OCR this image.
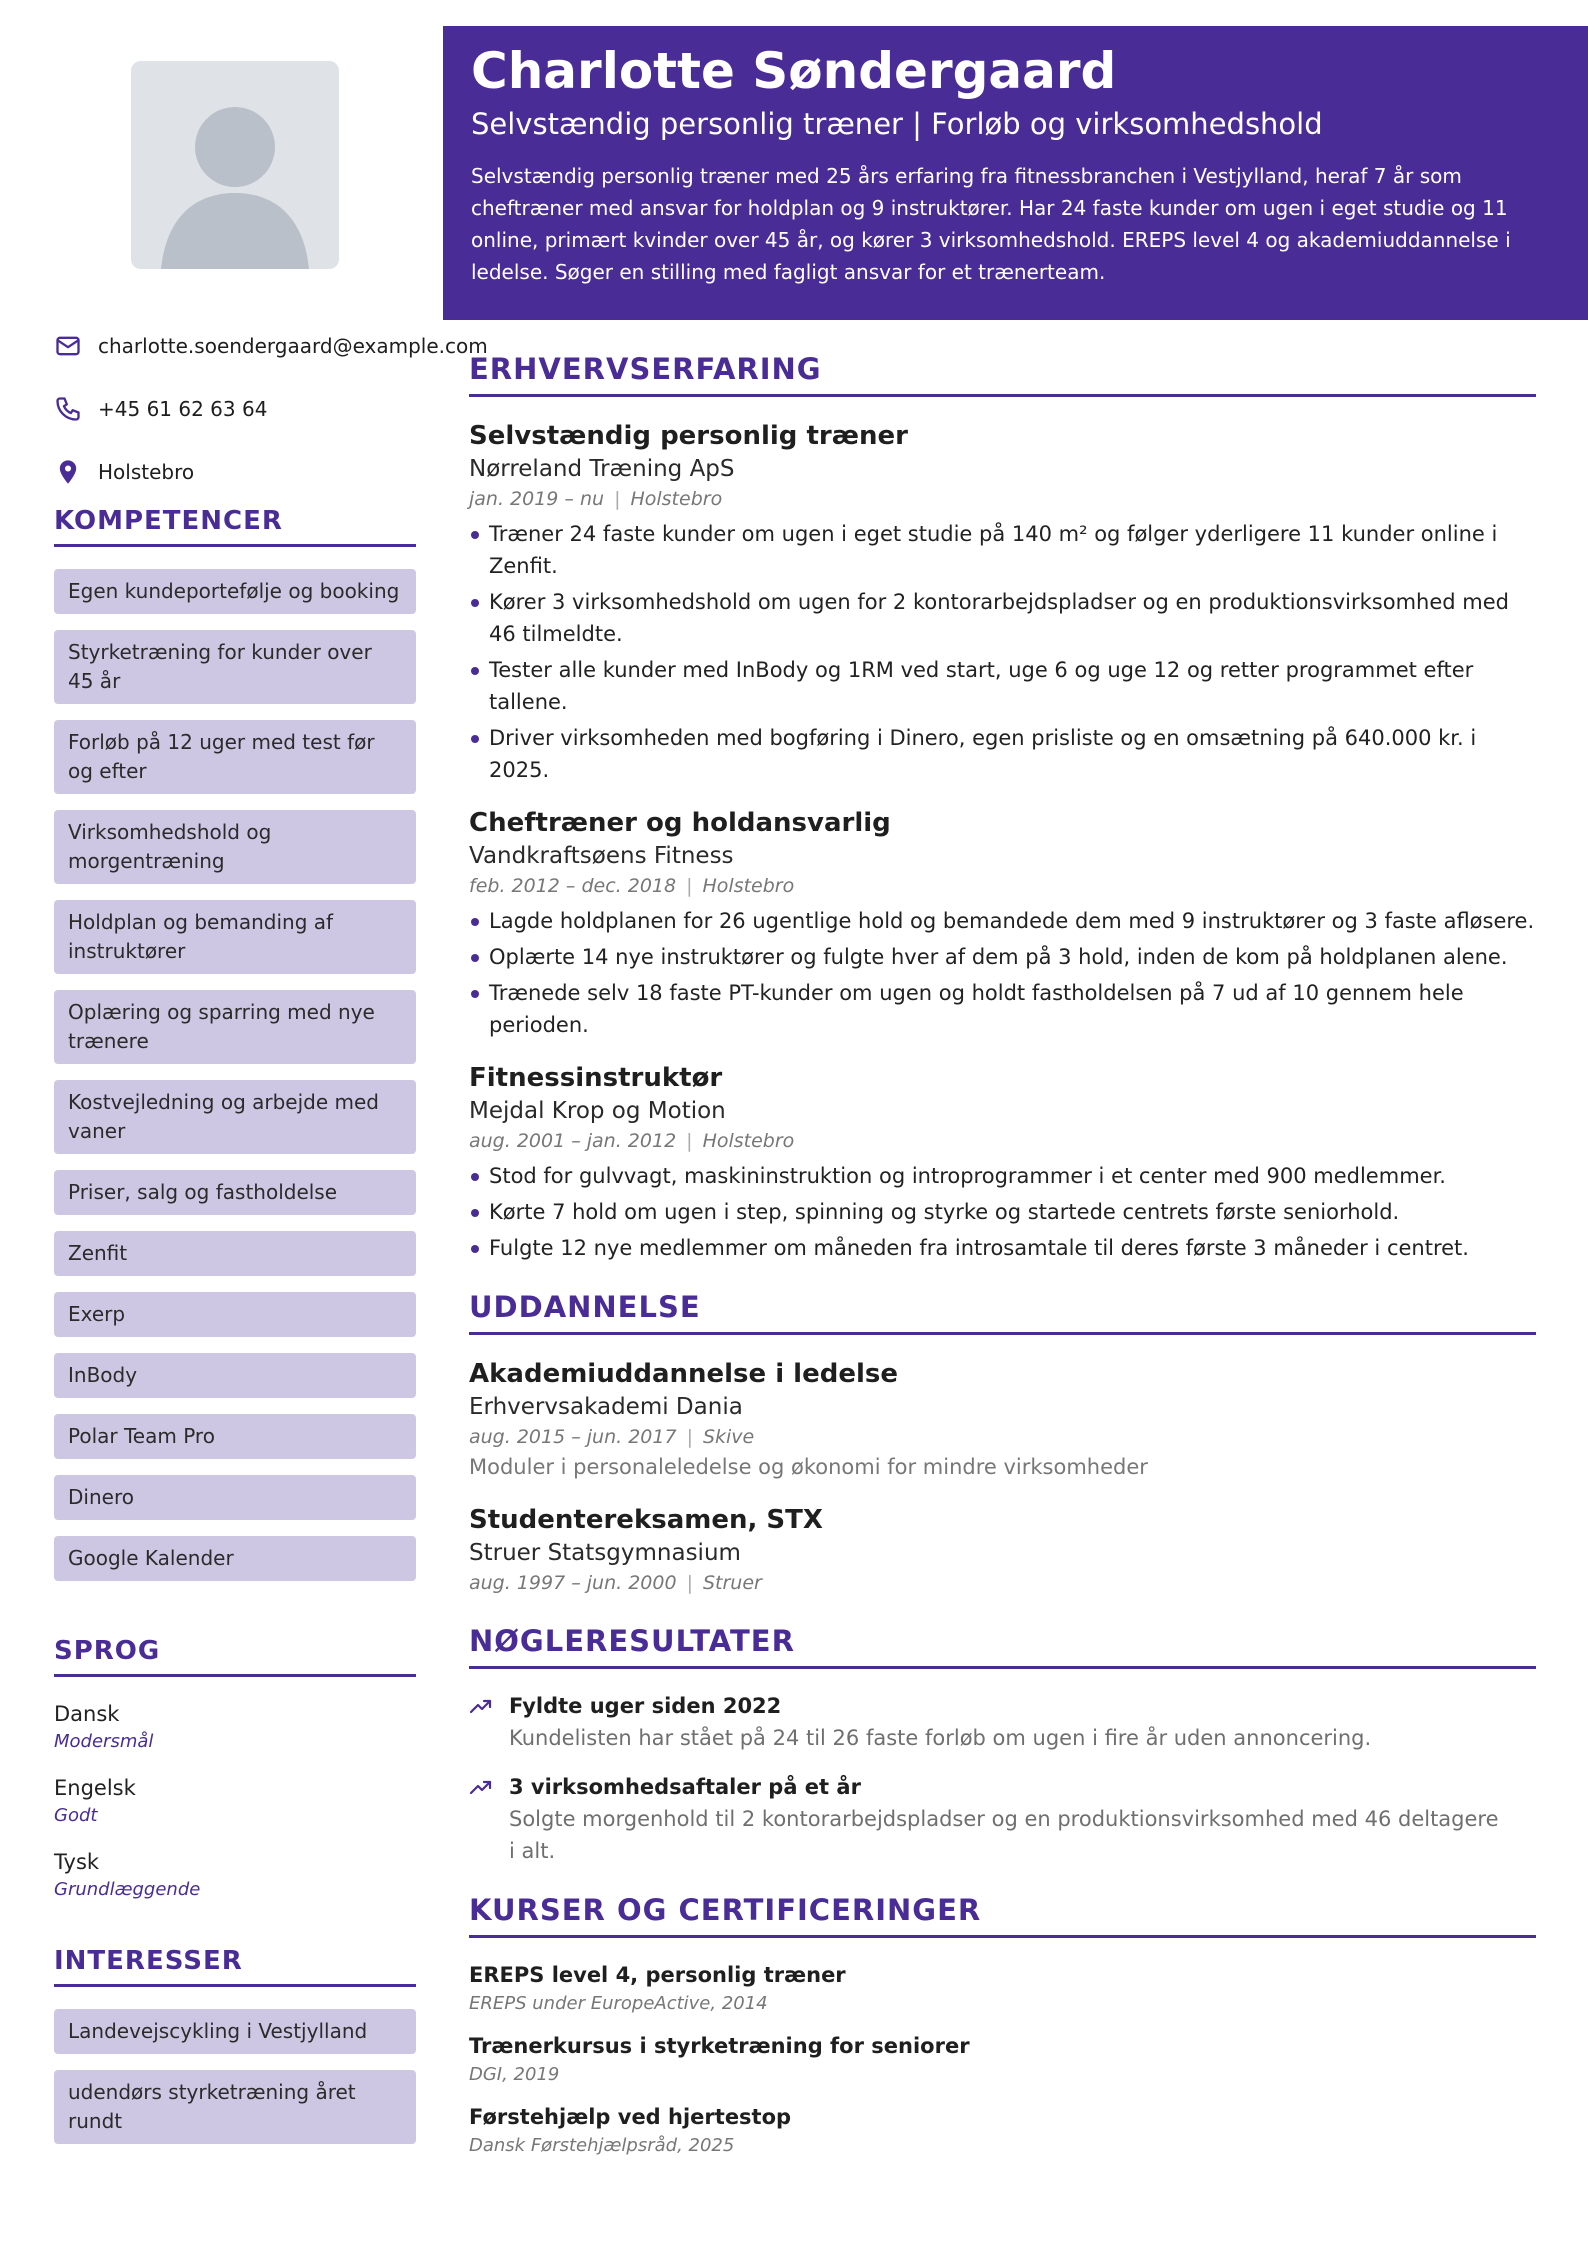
charlotte.soendergaard@example.com
+45 61 62 63 64
Holstebro
KOMPETENCER
Egen kundeportefølje og booking
Styrketræning for kunder over 45 år
Forløb på 12 uger med test før og efter
Virksomhedshold og morgentræning
Holdplan og bemanding af instruktører
Oplæring og sparring med nye trænere
Kostvejledning og arbejde med vaner
Priser, salg og fastholdelse
Zenfit
Exerp
InBody
Polar Team Pro
Dinero
Google Kalender
SPROG
Dansk
Modersmål
Engelsk
Godt
Tysk
Grundlæggende
INTERESSER
Landevejscykling i Vestjylland
udendørs styrketræning året rundt
Charlotte Søndergaard
Selvstændig personlig træner | Forløb og virksomhedshold
Selvstændig personlig træner med 25 års erfaring fra fitnessbranchen i Vestjylland, heraf 7 år som cheftræner med ansvar for holdplan og 9 instruktører. Har 24 faste kunder om ugen i eget studie og 11 online, primært kvinder over 45 år, og kører 3 virksomhedshold. EREPS level 4 og akademiuddannelse i ledelse. Søger en stilling med fagligt ansvar for et trænerteam.
ERHVERVSERFARING
Selvstændig personlig træner
Nørreland Træning ApS
jan. 2019 – nu | Holstebro
Træner 24 faste kunder om ugen i eget studie på 140 m² og følger yderligere 11 kunder online i Zenfit.
Kører 3 virksomhedshold om ugen for 2 kontorarbejdspladser og en produktionsvirksomhed med 46 tilmeldte.
Tester alle kunder med InBody og 1RM ved start, uge 6 og uge 12 og retter programmet efter tallene.
Driver virksomheden med bogføring i Dinero, egen prisliste og en omsætning på 640.000 kr. i 2025.
Cheftræner og holdansvarlig
Vandkraftsøens Fitness
feb. 2012 – dec. 2018 | Holstebro
Lagde holdplanen for 26 ugentlige hold og bemandede dem med 9 instruktører og 3 faste afløsere.
Oplærte 14 nye instruktører og fulgte hver af dem på 3 hold, inden de kom på holdplanen alene.
Trænede selv 18 faste PT-kunder om ugen og holdt fastholdelsen på 7 ud af 10 gennem hele perioden.
Fitnessinstruktør
Mejdal Krop og Motion
aug. 2001 – jan. 2012 | Holstebro
Stod for gulvvagt, maskininstruktion og introprogrammer i et center med 900 medlemmer.
Kørte 7 hold om ugen i step, spinning og styrke og startede centrets første seniorhold.
Fulgte 12 nye medlemmer om måneden fra introsamtale til deres første 3 måneder i centret.
UDDANNELSE
Akademiuddannelse i ledelse
Erhvervsakademi Dania
aug. 2015 – jun. 2017 | Skive
Moduler i personaleledelse og økonomi for mindre virksomheder
Studentereksamen, STX
Struer Statsgymnasium
aug. 1997 – jun. 2000 | Struer
NØGLERESULTATER
Fyldte uger siden 2022
Kundelisten har stået på 24 til 26 faste forløb om ugen i fire år uden annoncering.
3 virksomhedsaftaler på et år
Solgte morgenhold til 2 kontorarbejdspladser og en produktionsvirksomhed med 46 deltagere i alt.
KURSER OG CERTIFICERINGER
EREPS level 4, personlig træner
EREPS under EuropeActive, 2014
Trænerkursus i styrketræning for seniorer
DGI, 2019
Førstehjælp ved hjertestop
Dansk Førstehjælpsråd, 2025
